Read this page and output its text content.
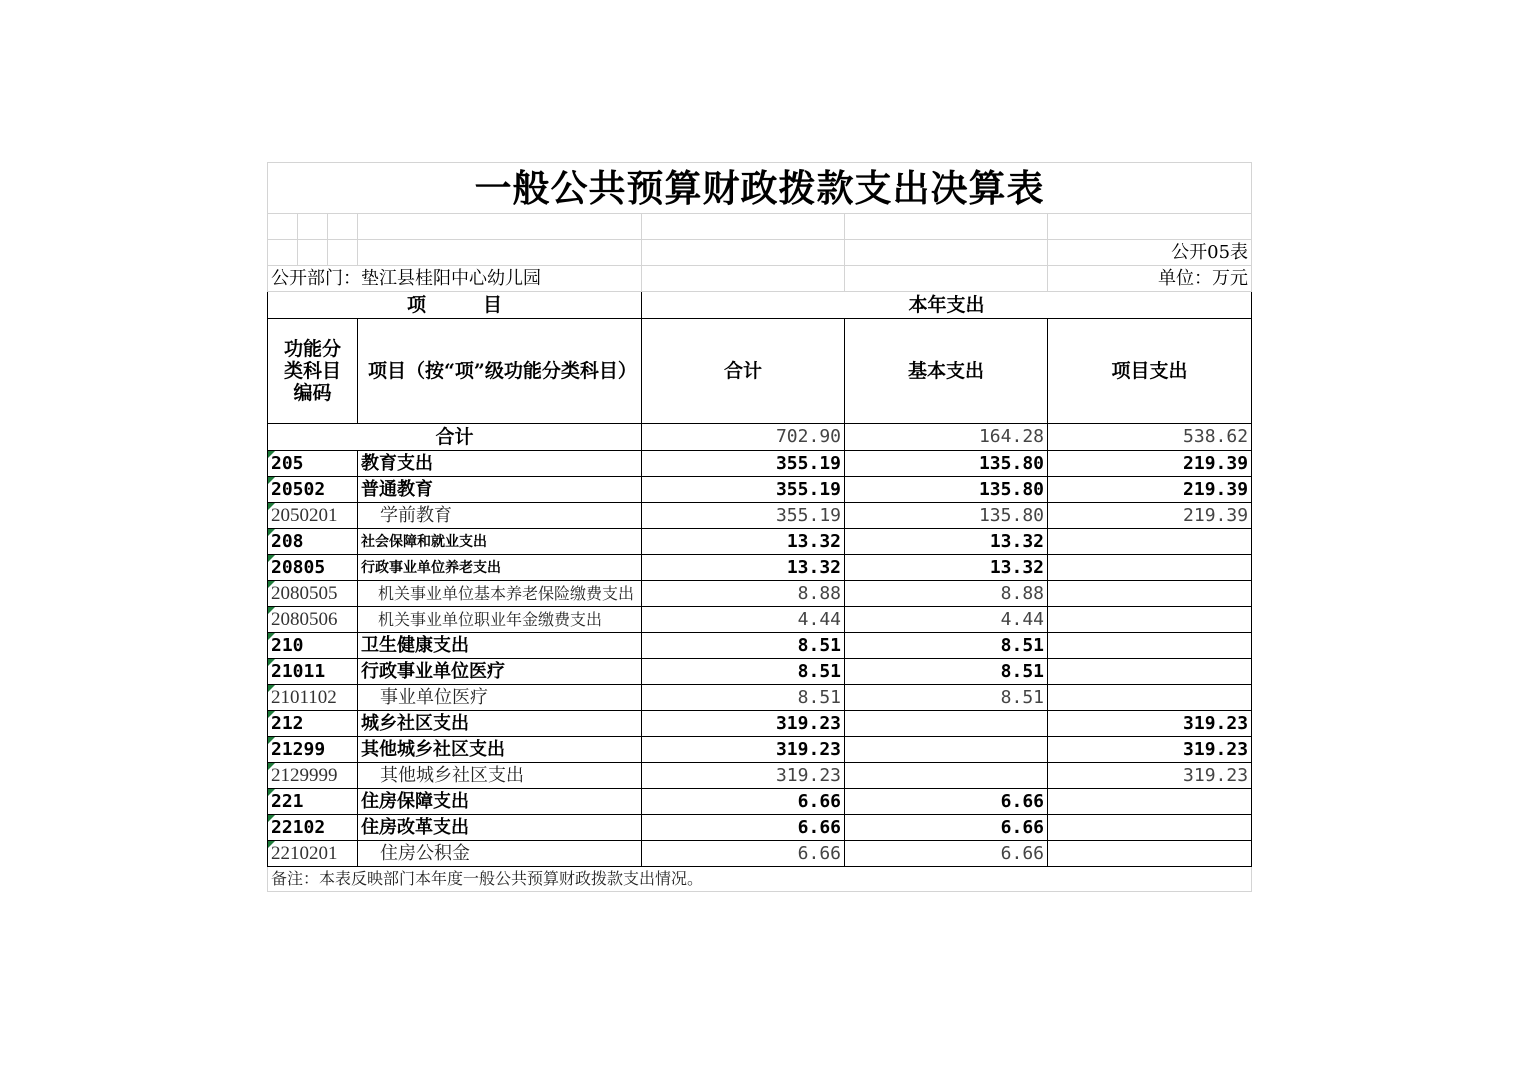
一般公共预算财政拨款支出决算表						

						公开05表
公开部门：垫江县桂阳中心幼儿园						单位：万元
项　　　目				本年支出		
功能分类科目编码			项目（按“项”级功能分类科目）	合计	基本支出	项目支出
合计				702.90	164.28	538.62

205			教育支出	355.19	135.80	219.39

20502			普通教育	355.19	135.80	219.39

2050201			学前教育	355.19	135.80	219.39

208			社会保障和就业支出	13.32	13.32	

20805			行政事业单位养老支出	13.32	13.32	

2080505			机关事业单位基本养老保险缴费支出	8.88	8.88	

2080506			机关事业单位职业年金缴费支出	4.44	4.44	

210			卫生健康支出	8.51	8.51	

21011			行政事业单位医疗	8.51	8.51	

2101102			事业单位医疗	8.51	8.51	

212			城乡社区支出	319.23		319.23

21299			其他城乡社区支出	319.23		319.23

2129999			其他城乡社区支出	319.23		319.23

221			住房保障支出	6.66	6.66	

22102			住房改革支出	6.66	6.66	

2210201			住房公积金	6.66	6.66	
备注：本表反映部门本年度一般公共预算财政拨款支出情况。						
